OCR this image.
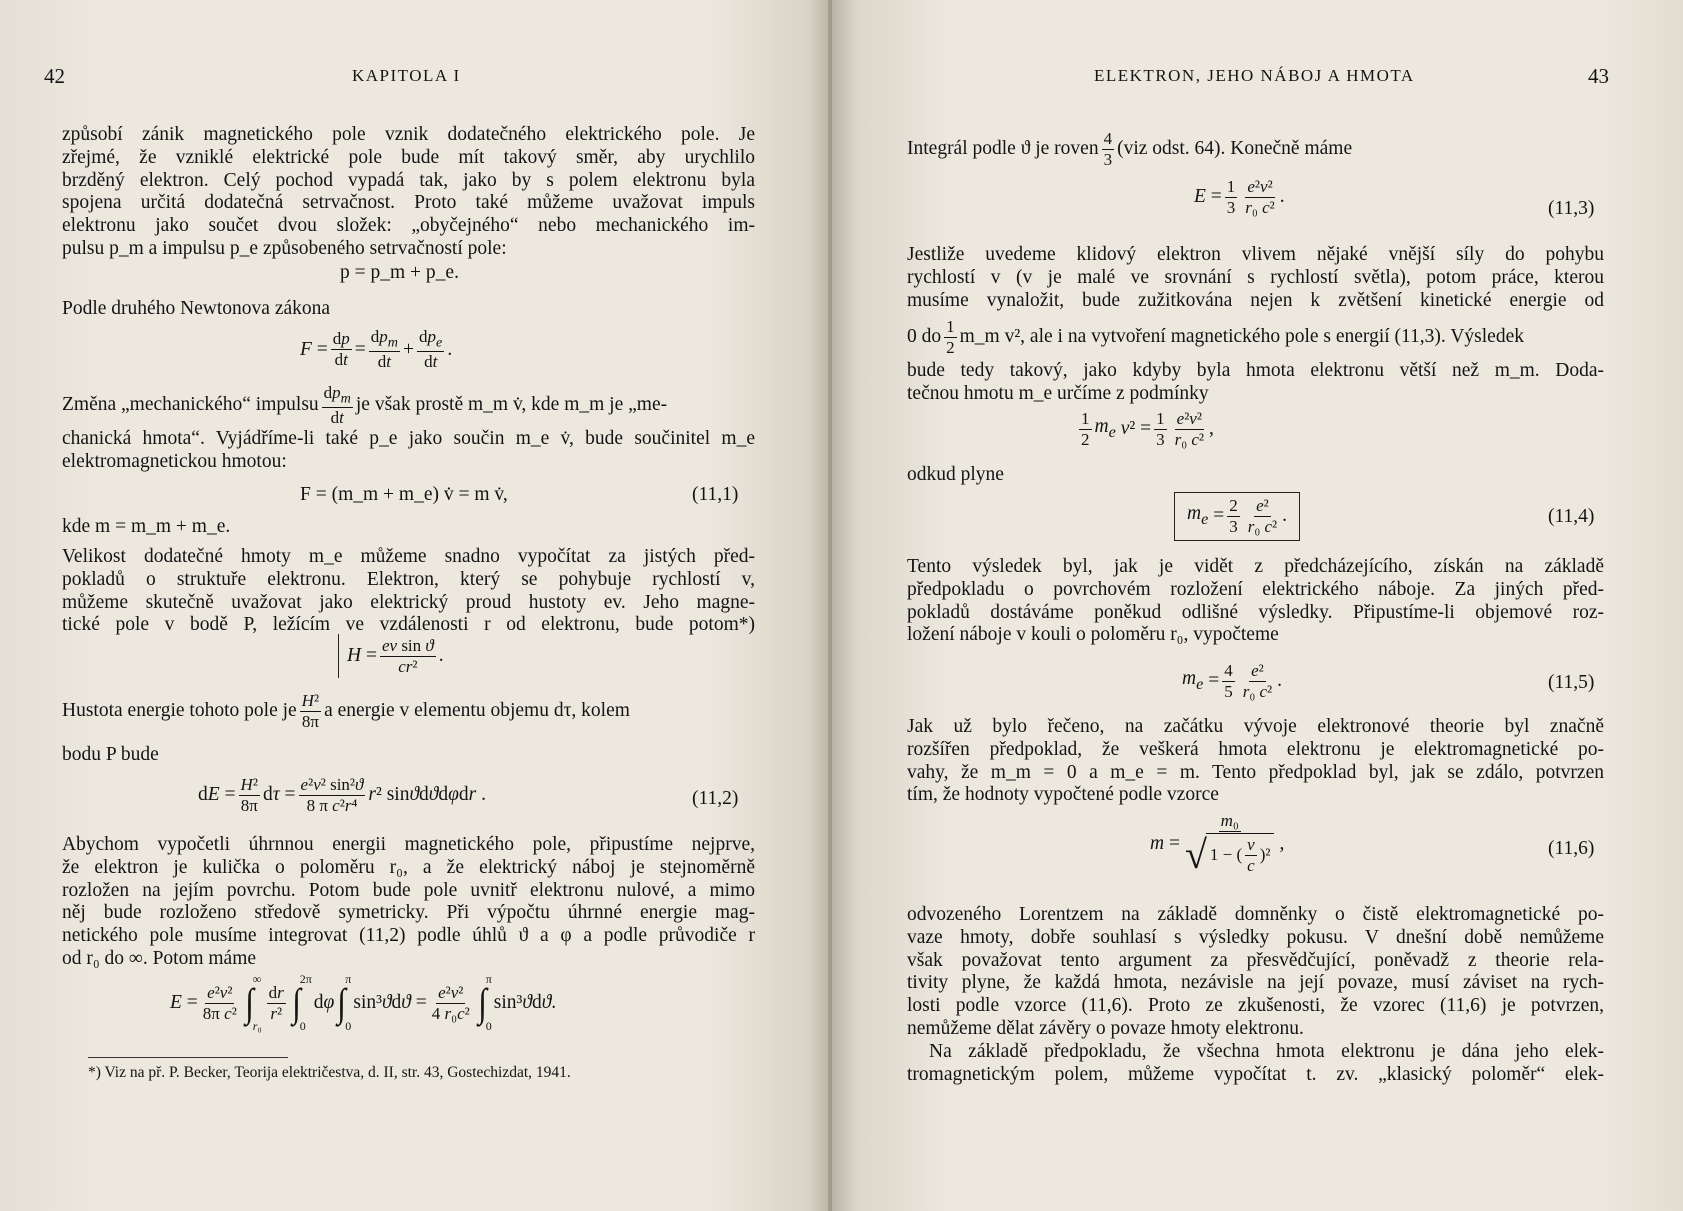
42	KAPITOLA I
způsobí zánik magnetického pole vznik dodatečného elektrického pole. Je
zřejmé, že vzniklé elektrické pole bude mít takový směr, aby urychlilo
brzděný elektron. Celý pochod vypadá tak, jako by s polem elektronu byla
spojena určitá dodatečná setrvačnost. Proto také můžeme uvažovat impuls
elektronu jako součet dvou složek: „obyčejného“ nebo mechanického im-
pulsu p_m a impulsu p_e způsobeného setrvačností pole:
p = p_m + p_e.
Podle druhého Newtonova zákona
$F = \frac{dp}{dt} = \frac{dp_m}{dt} + \frac{dp_e}{dt}$ .
Změna „mechanického“ impulsu $\frac{dp_m}{dt}$ je však prostě m_m v̇, kde m_m je „me-
chanická hmota“. Vyjádříme-li také p_e jako součin m_e v̇, bude součinitel m_e
elektromagnetickou hmotou:
F = (m_m + m_e) v̇ = m v̇,	(11,1)
kde m = m_m + m_e.
Velikost dodatečné hmoty m_e můžeme snadno vypočítat za jistých před-
pokladů o struktuře elektronu. Elektron, který se pohybuje rychlostí v,
můžeme skutečně uvažovat jako elektrický proud hustoty ev. Jeho magne-
tické pole v bodě P, ležícím ve vzdálenosti r od elektronu, bude potom*)
$H = \frac{\text{ev sin ϑ}}{\text{cr²}}$ .
Hustota energie tohoto pole je $\frac{\text{H²}}{8\pi}$ a energie v elementu objemu dτ, kolem
bodu P bude
d $E = \frac{\text{H²}}{8\pi}$ d $\tau = \frac{\text{e²v² sin²ϑ}}{\text{8 π c²r⁴}}$ r ² sin ϑ d ϑ d φ d r .	(11,2)
Abychom vypočetli úhrnnou energii magnetického pole, připustíme nejprve,
že elektron je kulička o poloměru r₀, a že elektrický náboj je stejnoměrně
rozložen na jejím povrchu. Potom bude pole uvnitř elektronu nulové, a mimo
něj bude rozloženo středově symetricky. Při výpočtu úhrnné energie mag-
netického pole musíme integrovat (11,2) podle úhlů ϑ a φ a podle průvodiče r
od r₀ do ∞. Potom máme
$E = \frac{\text{e²v²}}{\text{8π c²}}$ ∫
∞
r₀
$\frac{dr}{\text{r²}}$ ∫
2π
0
d φ ∫
π
0
sin³ ϑ d $ϑ = \frac{\text{e²v²}}{\text{4 r₀c²}}$ ∫
π
0
sin³ ϑ d ϑ .
*) Viz na př. P. Becker, Teorija električestva, d. II, str. 43, Gostechizdat, 1941.
ELEKTRON, JEHO NÁBOJ A HMOTA	43
Integrál podle ϑ je roven $\frac{4}{3} (viz$ odst. 64). Konečně máme
$E = \frac{1}{3} \frac{\text{e²v²}}{\text{r₀ c²}}$ .
(11,3)
Jestliže uvedeme klidový elektron vlivem nějaké vnější síly do pohybu
rychlostí v (v je malé ve srovnání s rychlostí světla), potom práce, kterou
musíme vynaložit, bude zužitkována nejen k zvětšení kinetické energie od
0 do $\frac{1}{2}$ m_m v², ale i na vytvoření magnetického pole s energií (11,3). Výsledek
bude tedy takový, jako kdyby byla hmota elektronu větší než m_m. Doda-
tečnou hmotu m_e určíme z podmínky
$\frac{1}{2} m_e$
v $^2 = \frac{1}{3} \frac{\text{e²v²}}{\text{r₀ c²}}$ ,
odkud plyne
$m_e = \frac{2}{3} \frac{\text{e²}}{\text{r₀ c²}}$ .	(11,4)
Tento výsledek byl, jak je vidět z předcházejícího, získán na základě
předpokladu o povrchovém rozložení elektrického náboje. Za jiných před-
pokladů dostáváme poněkud odlišné výsledky. Připustíme-li objemové roz-
ložení náboje v kouli o poloměru r₀, vypočteme
$m_e = \frac{4}{5} \frac{\text{e²}}{\text{r₀ c²}}$ .	(11,5)
Jak už bylo řečeno, na začátku vývoje elektronové theorie byl značně
rozšířen předpoklad, že veškerá hmota elektronu je elektromagnetické po-
vahy, že m_m = 0 a m_e = m. Tento předpoklad byl, jak se zdálo, potvrzen
tím, že hodnoty vypočtené podle vzorce
$m = \frac{\text{m₀}}{√ 1 - ( \frac{v}{c} )^2}$ ,	(11,6)
odvozeného Lorentzem na základě domněnky o čistě elektromagnetické po-
vaze hmoty, dobře souhlasí s výsledky pokusu. V dnešní době nemůžeme
však považovat tento argument za přesvědčující, poněvadž z theorie rela-
tivity plyne, že každá hmota, nezávisle na její povaze, musí záviset na rych-
losti podle vzorce (11,6). Proto ze zkušenosti, že vzorec (11,6) je potvrzen,
nemůžeme dělat závěry o povaze hmoty elektronu.
Na základě předpokladu, že všechna hmota elektronu je dána jeho elek-
tromagnetickým polem, můžeme vypočítat t. zv. „klasický poloměr“ elek-
